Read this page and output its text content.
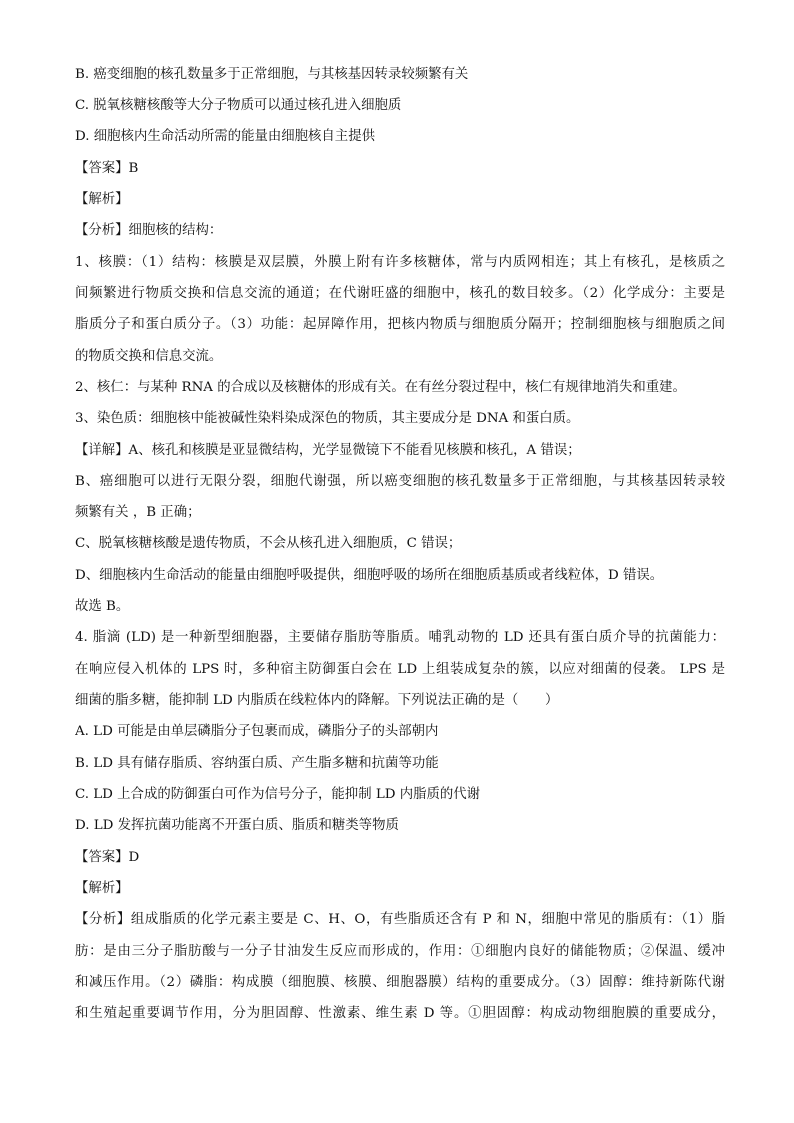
B. 癌变细胞的核孔数量多于正常细胞，与其核基因转录较频繁有关

C. 脱氧核糖核酸等大分子物质可以通过核孔进入细胞质

D. 细胞核内生命活动所需的能量由细胞核自主提供

【答案】B

【解析】

【分析】细胞核的结构：

1、核膜：（1）结构：核膜是双层膜，外膜上附有许多核糖体，常与内质网相连；其上有核孔，是核质之

间频繁进行物质交换和信息交流的通道；在代谢旺盛的细胞中，核孔的数目较多。（2）化学成分：主要是

脂质分子和蛋白质分子。（3）功能：起屏障作用，把核内物质与细胞质分隔开；控制细胞核与细胞质之间

的物质交换和信息交流。

2、核仁：与某种 RNA 的合成以及核糖体的形成有关。在有丝分裂过程中，核仁有规律地消失和重建。

3、染色质：细胞核中能被碱性染料染成深色的物质，其主要成分是 DNA 和蛋白质。

【详解】A、核孔和核膜是亚显微结构，光学显微镜下不能看见核膜和核孔，A 错误；

B、癌细胞可以进行无限分裂，细胞代谢强，所以癌变细胞的核孔数量多于正常细胞，与其核基因转录较

频繁有关 ，B 正确；

C、脱氧核糖核酸是遗传物质，不会从核孔进入细胞质，C 错误；

D、细胞核内生命活动的能量由细胞呼吸提供，细胞呼吸的场所在细胞质基质或者线粒体，D 错误。

故选 B。

4. 脂滴 (LD) 是一种新型细胞器，主要储存脂肪等脂质。哺乳动物的 LD 还具有蛋白质介导的抗菌能力：

在响应侵入机体的 LPS 时，多种宿主防御蛋白会在 LD 上组装成复杂的簇，以应对细菌的侵袭。 LPS 是

细菌的脂多糖，能抑制 LD 内脂质在线粒体内的降解。下列说法正确的是（　　）

A. LD 可能是由单层磷脂分子包裹而成，磷脂分子的头部朝内

B. LD 具有储存脂质、容纳蛋白质、产生脂多糖和抗菌等功能

C. LD 上合成的防御蛋白可作为信号分子，能抑制 LD 内脂质的代谢

D. LD 发挥抗菌功能离不开蛋白质、脂质和糖类等物质

【答案】D

【解析】

【分析】组成脂质的化学元素主要是 C、H、O，有些脂质还含有 P 和 N，细胞中常见的脂质有：（1）脂

肪：是由三分子脂肪酸与一分子甘油发生反应而形成的，作用：①细胞内良好的储能物质；②保温、缓冲

和减压作用。（2）磷脂：构成膜（细胞膜、核膜、细胞器膜）结构的重要成分。（3）固醇：维持新陈代谢

和生殖起重要调节作用，分为胆固醇、性激素、维生素 D 等。①胆固醇：构成动物细胞膜的重要成分，
